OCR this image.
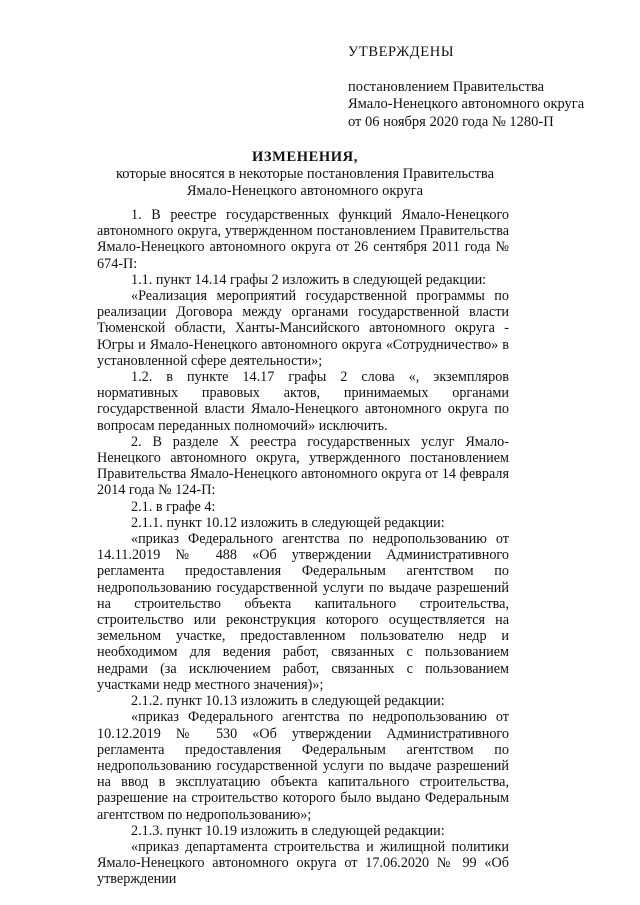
УТВЕРЖДЕНЫ
постановлением Правительства
Ямало-Ненецкого автономного округа
от 06 ноября 2020 года № 1280-П
ИЗМЕНЕНИЯ,
которые вносятся в некоторые постановления Правительства
Ямало-Ненецкого автономного округа

1. В реестре государственных функций Ямало-Ненецкого автономного округа, утвержденном постановлением Правительства Ямало-Ненецкого автономного округа от 26 сентября 2011 года № 674-П:

1.1. пункт 14.14 графы 2 изложить в следующей редакции:

«Реализация мероприятий государственной программы по реализации Договора между органами государственной власти Тюменской области, Ханты-Мансийского автономного округа - Югры и Ямало-Ненецкого автономного округа «Сотрудничество» в установленной сфере деятельности»;

1.2. в пункте 14.17 графы 2 слова «, экземпляров нормативных правовых актов, принимаемых органами государственной власти Ямало-Ненецкого автономного округа по вопросам переданных полномочий» исключить.

2. В разделе X реестра государственных услуг Ямало-Ненецкого автономного округа, утвержденного постановлением Правительства Ямало-Ненецкого автономного округа от 14 февраля 2014 года № 124-П:

2.1. в графе 4:

2.1.1. пункт 10.12 изложить в следующей редакции:

«приказ Федерального агентства по недропользованию от 14.11.2019 № 488 «Об утверждении Административного регламента предоставления Федеральным агентством по недропользованию государственной услуги по выдаче разрешений на строительство объекта капитального строительства, строительство или реконструкция которого осуществляется на земельном участке, предоставленном пользователю недр и необходимом для ведения работ, связанных с пользованием недрами (за исключением работ, связанных с пользованием участками недр местного значения)»;

2.1.2. пункт 10.13 изложить в следующей редакции:

«приказ Федерального агентства по недропользованию от 10.12.2019 № 530 «Об утверждении Административного регламента предоставления Федеральным агентством по недропользованию государственной услуги по выдаче разрешений на ввод в эксплуатацию объекта капитального строительства, разрешение на строительство которого было выдано Федеральным агентством по недропользованию»;

2.1.3. пункт 10.19 изложить в следующей редакции:

«приказ департамента строительства и жилищной политики Ямало-Ненецкого автономного округа от 17.06.2020 № 99 «Об утверждении
